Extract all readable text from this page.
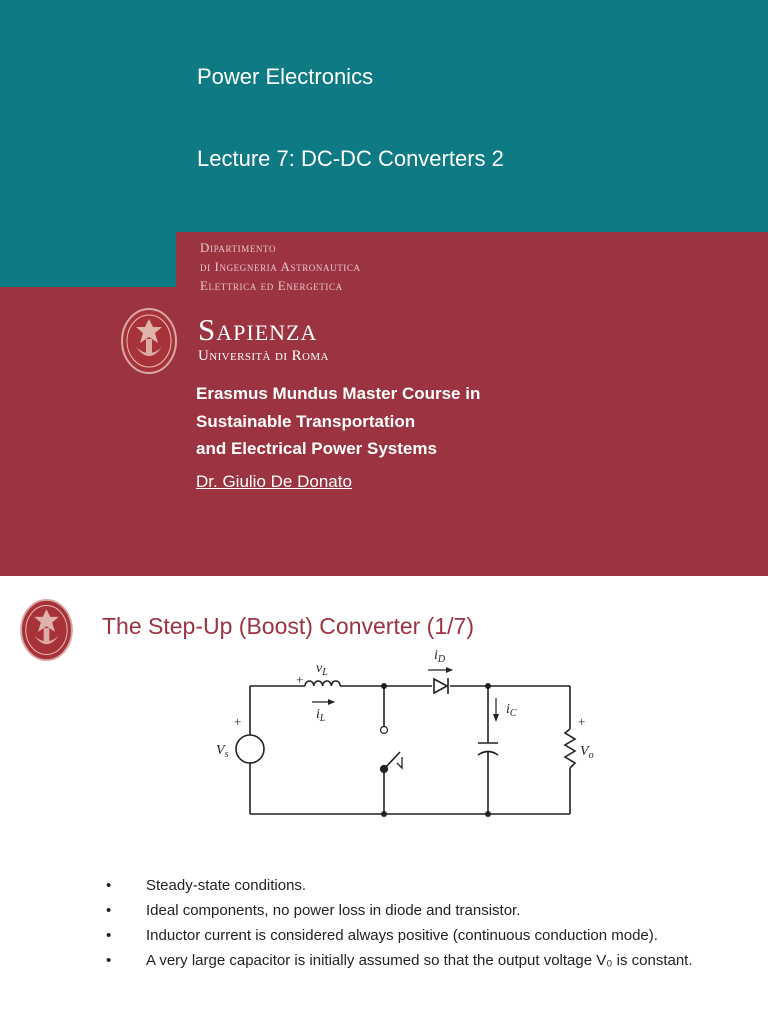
Power Electronics
Lecture 7: DC-DC Converters 2
Dipartimento
di Ingegneria Astronautica
Elettrica ed Energetica
Sapienza
Università di Roma
Erasmus Mundus Master Course in
Sustainable Transportation
and Electrical Power Systems
Dr. Giulio De Donato
The Step-Up (Boost) Converter (1/7)
+
$v_L$
$i_L$
$i_D$
$i_C$
+
$V_s$
+
$V_o$
• Steady-state conditions.
• Ideal components, no power loss in diode and transistor.
• Inductor current is considered always positive (continuous conduction mode).
• A very large capacitor is initially assumed so that the output voltage V₀ is constant.
